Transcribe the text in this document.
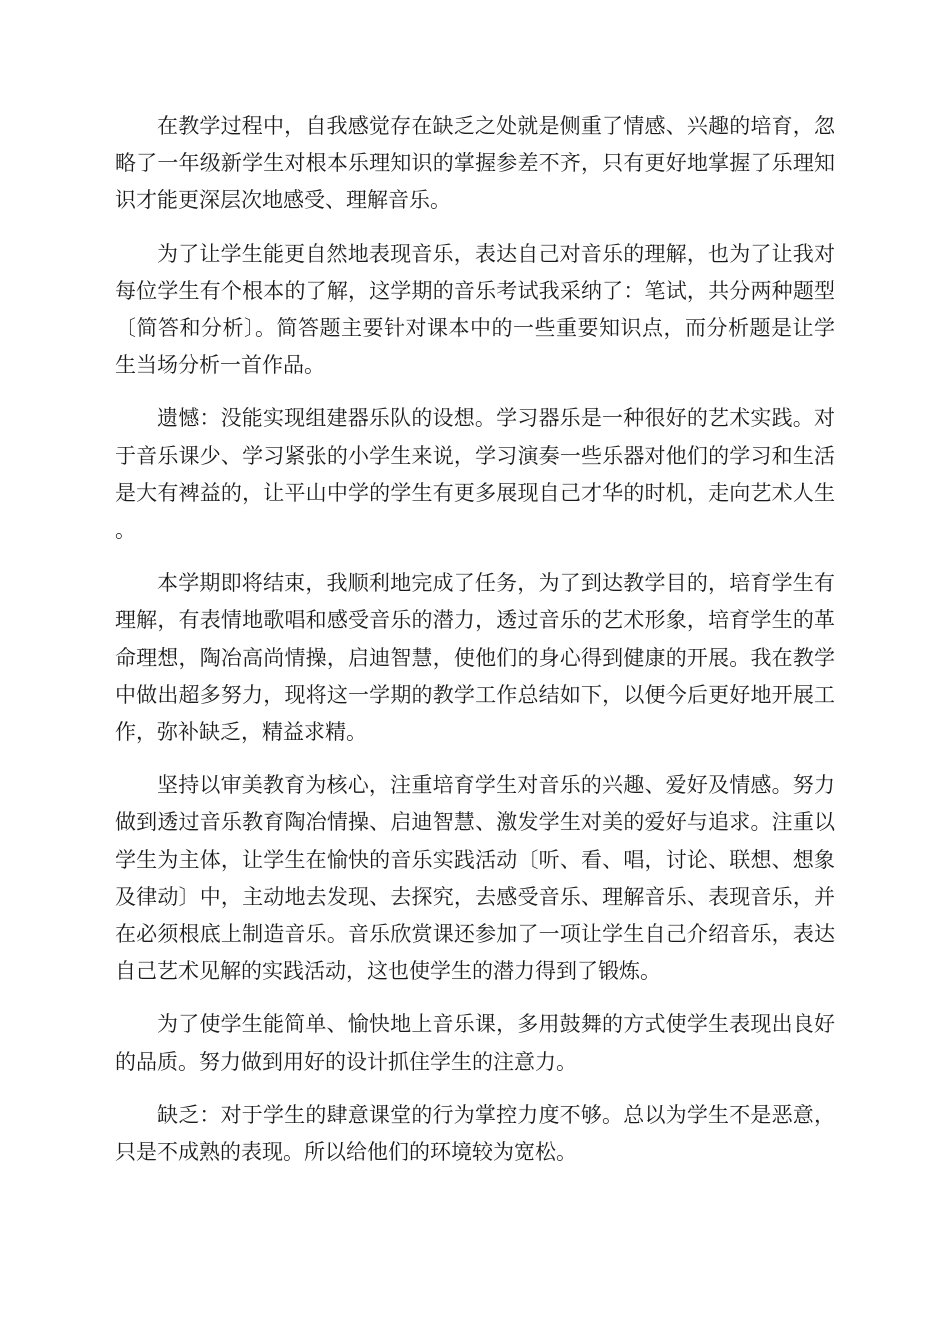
在教学过程中，自我感觉存在缺乏之处就是侧重了情感、兴趣的培育，忽略了一年级新学生对根本乐理知识的掌握参差不齐，只有更好地掌握了乐理知识才能更深层次地感受、理解音乐。

为了让学生能更自然地表现音乐，表达自己对音乐的理解，也为了让我对每位学生有个根本的了解，这学期的音乐考试我采纳了：笔试，共分两种题型〔简答和分析〕。简答题主要针对课本中的一些重要知识点，而分析题是让学生当场分析一首作品。

遗憾：没能实现组建器乐队的设想。学习器乐是一种很好的艺术实践。对于音乐课少、学习紧张的小学生来说，学习演奏一些乐器对他们的学习和生活是大有裨益的，让平山中学的学生有更多展现自己才华的时机，走向艺术人生。

本学期即将结束，我顺利地完成了任务，为了到达教学目的，培育学生有理解，有表情地歌唱和感受音乐的潜力，透过音乐的艺术形象，培育学生的革命理想，陶冶高尚情操，启迪智慧，使他们的身心得到健康的开展。我在教学中做出超多努力，现将这一学期的教学工作总结如下，以便今后更好地开展工作，弥补缺乏，精益求精。

坚持以审美教育为核心，注重培育学生对音乐的兴趣、爱好及情感。努力做到透过音乐教育陶冶情操、启迪智慧、激发学生对美的爱好与追求。注重以学生为主体，让学生在愉快的音乐实践活动〔听、看、唱，讨论、联想、想象及律动〕中，主动地去发现、去探究，去感受音乐、理解音乐、表现音乐，并在必须根底上制造音乐。音乐欣赏课还参加了一项让学生自己介绍音乐，表达自己艺术见解的实践活动，这也使学生的潜力得到了锻炼。

为了使学生能简单、愉快地上音乐课，多用鼓舞的方式使学生表现出良好的品质。努力做到用好的设计抓住学生的注意力。

缺乏：对于学生的肆意课堂的行为掌控力度不够。总以为学生不是恶意，只是不成熟的表现。所以给他们的环境较为宽松。
